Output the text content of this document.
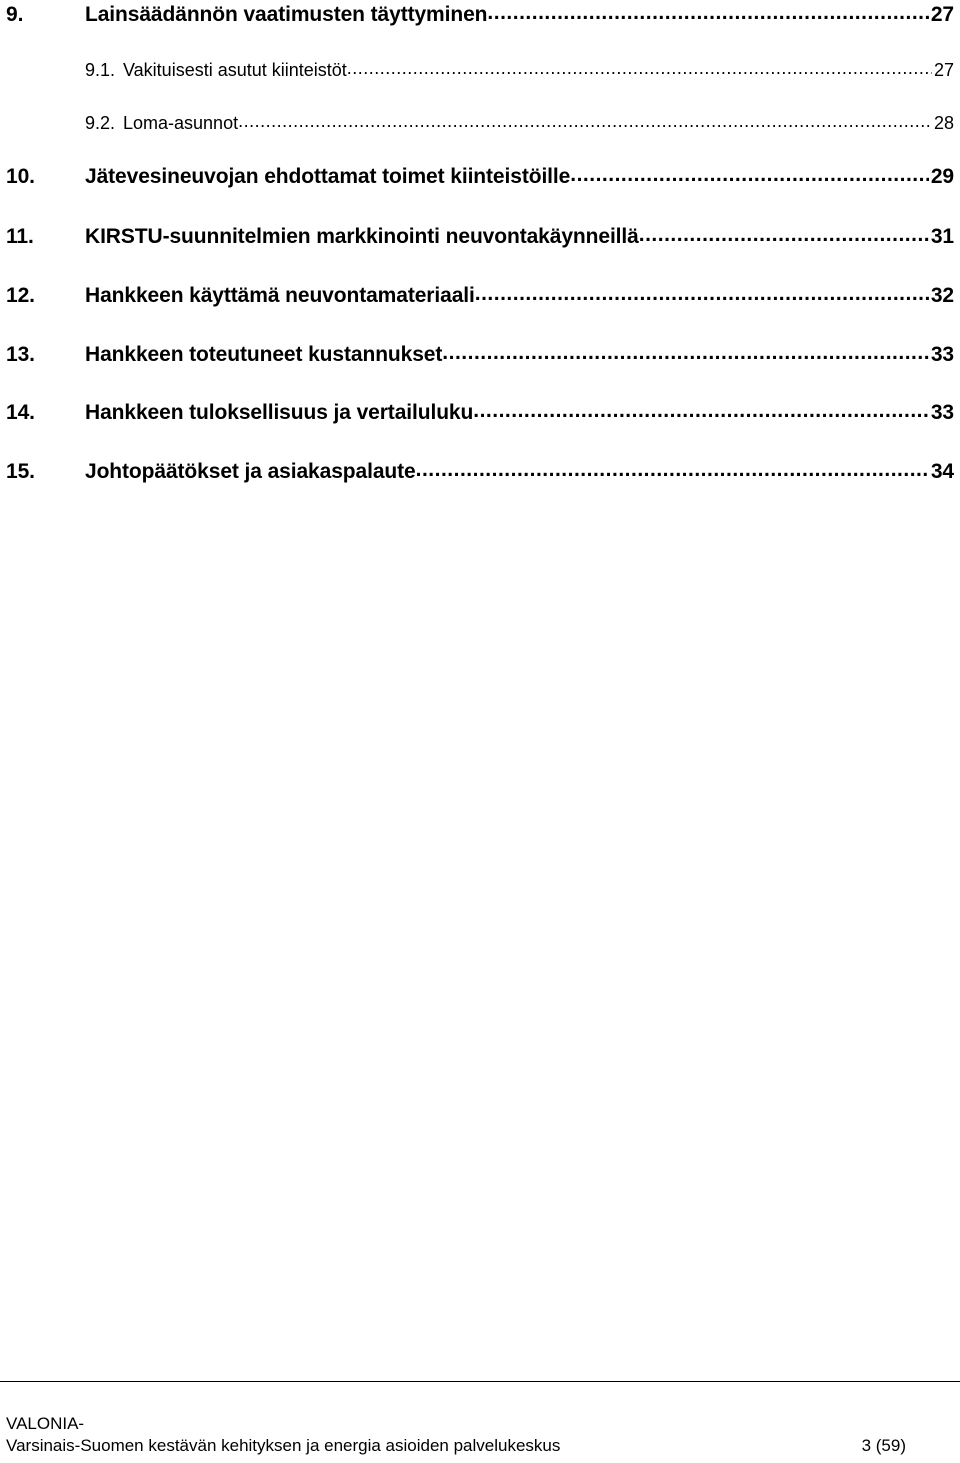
9.	Lainsäädännön vaatimusten täyttyminen .....	27
9.1. Vakituisesti asutut kiinteistöt .....	27
9.2. Loma-asunnot .....	28
10.	Jätevesineuvojan ehdottamat toimet kiinteistöille .....	29
11.	KIRSTU-suunnitelmien markkinointi neuvontakäynneillä .....	31
12.	Hankkeen käyttämä neuvontamateriaali .....	32
13.	Hankkeen toteutuneet kustannukset .....	33
14.	Hankkeen tuloksellisuus ja vertailuluku .....	33
15.	Johtopäätökset ja asiakaspalaute .....	34
VALONIA-
Varsinais-Suomen kestävän kehityksen ja energia asioiden palvelukeskus	3 (59)
